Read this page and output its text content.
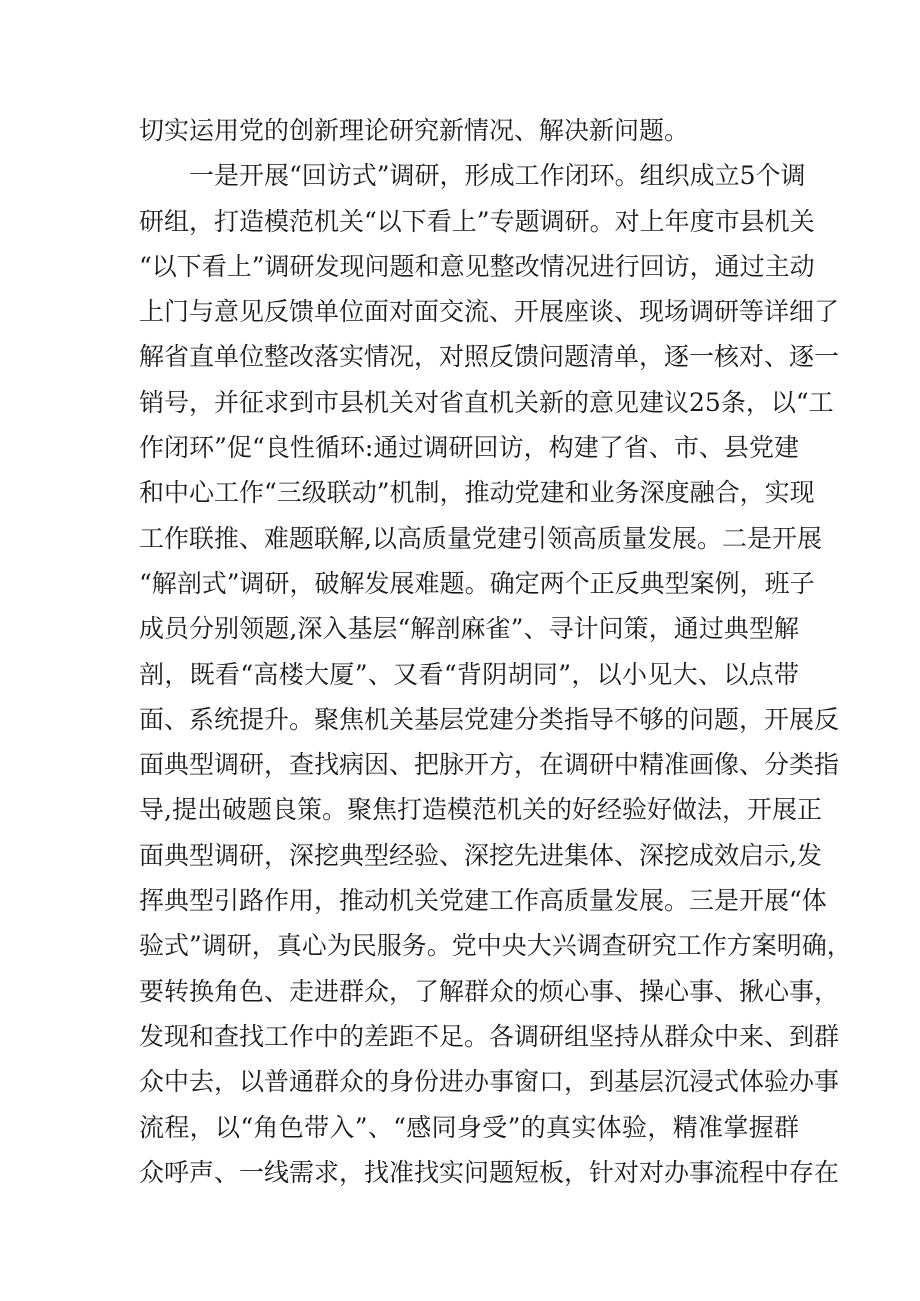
切实运用党的创新理论研究新情况、解决新问题。
一是开展“回访式”调研，形成工作闭环。组织成立5个调
研组，打造模范机关“以下看上”专题调研。对上年度市县机关
“以下看上”调研发现问题和意见整改情况进行回访，通过主动
上门与意见反馈单位面对面交流、开展座谈、现场调研等详细了
解省直单位整改落实情况，对照反馈问题清单，逐一核对、逐一
销号，并征求到市县机关对省直机关新的意见建议25条，以“工
作闭环”促“良性循环:通过调研回访，构建了省、市、县党建
和中心工作“三级联动”机制，推动党建和业务深度融合，实现
工作联推、难题联解,以高质量党建引领高质量发展。二是开展
“解剖式”调研，破解发展难题。确定两个正反典型案例，班子
成员分别领题,深入基层“解剖麻雀”、寻计问策，通过典型解
剖，既看“高楼大厦”、又看“背阴胡同”，以小见大、以点带
面、系统提升。聚焦机关基层党建分类指导不够的问题，开展反
面典型调研，查找病因、把脉开方，在调研中精准画像、分类指
导,提出破题良策。聚焦打造模范机关的好经验好做法，开展正
面典型调研，深挖典型经验、深挖先进集体、深挖成效启示,发
挥典型引路作用，推动机关党建工作高质量发展。三是开展“体
验式”调研，真心为民服务。党中央大兴调查研究工作方案明确，
要转换角色、走进群众，了解群众的烦心事、操心事、揪心事，
发现和查找工作中的差距不足。各调研组坚持从群众中来、到群
众中去，以普通群众的身份进办事窗口，到基层沉浸式体验办事
流程，以“角色带入”、“感同身受”的真实体验，精准掌握群
众呼声、一线需求，找准找实问题短板，针对对办事流程中存在
